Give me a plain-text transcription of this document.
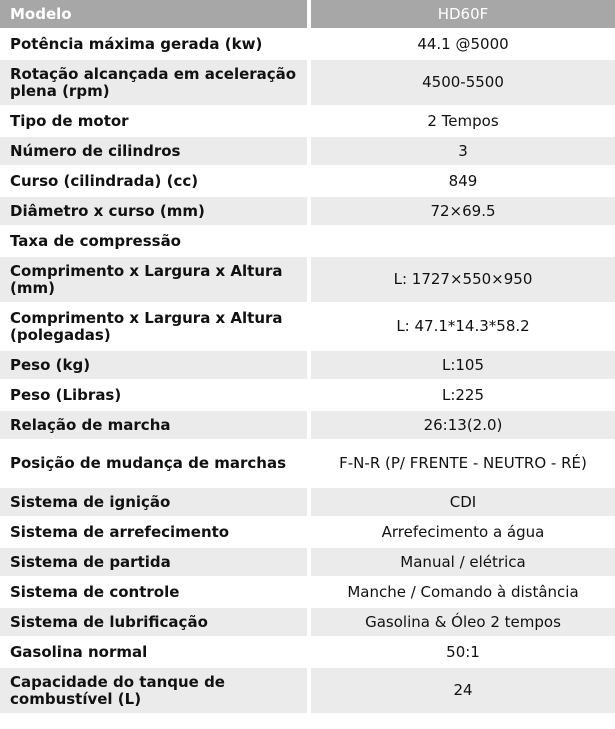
Modelo	HD60F
Potência máxima gerada (kw)	44.1 @5000
Rotação alcançada em aceleração plena (rpm)	4500-5500
Tipo de motor	2 Tempos
Número de cilindros	3
Curso (cilindrada) (cc)	849
Diâmetro x curso (mm)	72×69.5
Taxa de compressão
Comprimento x Largura x Altura (mm)	L: 1727×550×950
Comprimento x Largura x Altura (polegadas)	L: 47.1*14.3*58.2
Peso (kg)	L:105
Peso (Libras)	L:225
Relação de marcha	26:13(2.0)
Posição de mudança de marchas	F-N-R (P/ FRENTE - NEUTRO - RÉ)
Sistema de ignição	CDI
Sistema de arrefecimento	Arrefecimento a água
Sistema de partida	Manual / elétrica
Sistema de controle	Manche / Comando à distância
Sistema de lubrificação	Gasolina & Óleo 2 tempos
Gasolina normal	50:1
Capacidade do tanque de combustível (L)	24
